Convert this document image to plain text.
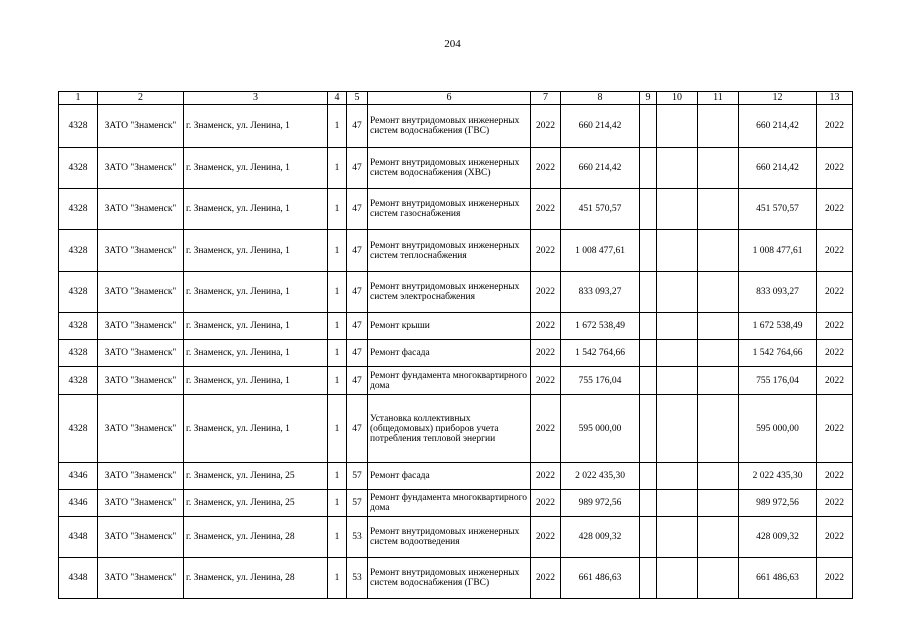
204
1	2	3	4	5	6	7	8	9	10	11	12	13
4328	ЗАТО "Знаменск"	г. Знаменск, ул. Ленина, 1	1	47	Ремонт внутридомовых инженерных систем водоснабжения (ГВС)	2022	660 214,42				660 214,42	2022
4328	ЗАТО "Знаменск"	г. Знаменск, ул. Ленина, 1	1	47	Ремонт внутридомовых инженерных систем водоснабжения (ХВС)	2022	660 214,42				660 214,42	2022
4328	ЗАТО "Знаменск"	г. Знаменск, ул. Ленина, 1	1	47	Ремонт внутридомовых инженерных систем газоснабжения	2022	451 570,57				451 570,57	2022
4328	ЗАТО "Знаменск"	г. Знаменск, ул. Ленина, 1	1	47	Ремонт внутридомовых инженерных систем теплоснабжения	2022	1 008 477,61				1 008 477,61	2022
4328	ЗАТО "Знаменск"	г. Знаменск, ул. Ленина, 1	1	47	Ремонт внутридомовых инженерных систем электроснабжения	2022	833 093,27				833 093,27	2022
4328	ЗАТО "Знаменск"	г. Знаменск, ул. Ленина, 1	1	47	Ремонт крыши	2022	1 672 538,49				1 672 538,49	2022
4328	ЗАТО "Знаменск"	г. Знаменск, ул. Ленина, 1	1	47	Ремонт фасада	2022	1 542 764,66				1 542 764,66	2022
4328	ЗАТО "Знаменск"	г. Знаменск, ул. Ленина, 1	1	47	Ремонт фундамента многоквартирного дома	2022	755 176,04				755 176,04	2022
4328	ЗАТО "Знаменск"	г. Знаменск, ул. Ленина, 1	1	47	Установка коллективных (общедомовых) приборов учета потребления тепловой энергии	2022	595 000,00				595 000,00	2022
4346	ЗАТО "Знаменск"	г. Знаменск, ул. Ленина, 25	1	57	Ремонт фасада	2022	2 022 435,30				2 022 435,30	2022
4346	ЗАТО "Знаменск"	г. Знаменск, ул. Ленина, 25	1	57	Ремонт фундамента многоквартирного дома	2022	989 972,56				989 972,56	2022
4348	ЗАТО "Знаменск"	г. Знаменск, ул. Ленина, 28	1	53	Ремонт внутридомовых инженерных систем водоотведения	2022	428 009,32				428 009,32	2022
4348	ЗАТО "Знаменск"	г. Знаменск, ул. Ленина, 28	1	53	Ремонт внутридомовых инженерных систем водоснабжения (ГВС)	2022	661 486,63				661 486,63	2022
